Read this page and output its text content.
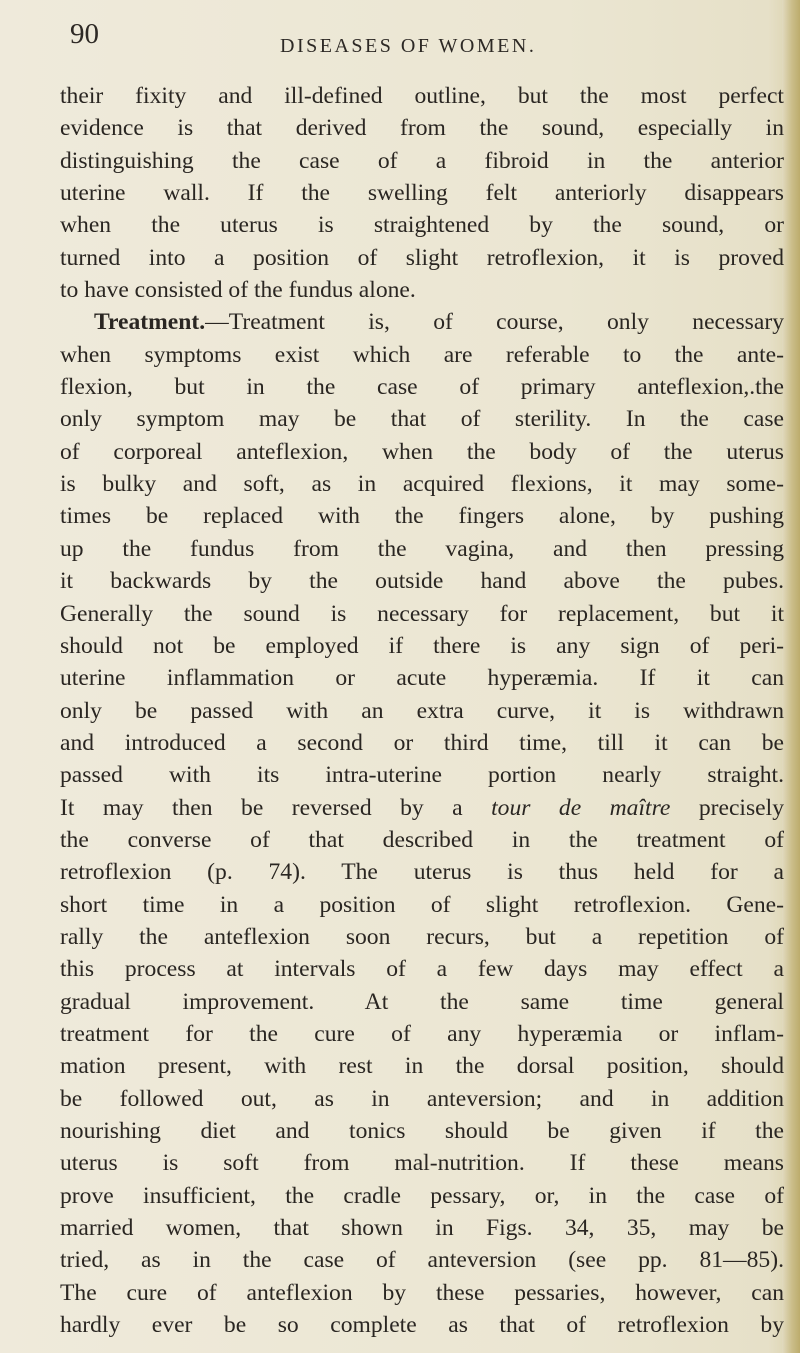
90	DISEASES OF WOMEN.
their fixity and ill-defined outline, but the most perfect
evidence is that derived from the sound, especially in
distinguishing the case of a fibroid in the anterior
uterine wall. If the swelling felt anteriorly disappears
when the uterus is straightened by the sound, or
turned into a position of slight retroflexion, it is proved
to have consisted of the fundus alone.
Treatment.—Treatment is, of course, only necessary
when symptoms exist which are referable to the ante-
flexion, but in the case of primary anteflexion,.the
only symptom may be that of sterility. In the case
of corporeal anteflexion, when the body of the uterus
is bulky and soft, as in acquired flexions, it may some-
times be replaced with the fingers alone, by pushing
up the fundus from the vagina, and then pressing
it backwards by the outside hand above the pubes.
Generally the sound is necessary for replacement, but it
should not be employed if there is any sign of peri-
uterine inflammation or acute hyperæmia. If it can
only be passed with an extra curve, it is withdrawn
and introduced a second or third time, till it can be
passed with its intra-uterine portion nearly straight.
It may then be reversed by a tour de maître precisely
the converse of that described in the treatment of
retroflexion (p. 74). The uterus is thus held for a
short time in a position of slight retroflexion. Gene-
rally the anteflexion soon recurs, but a repetition of
this process at intervals of a few days may effect a
gradual improvement. At the same time general
treatment for the cure of any hyperæmia or inflam-
mation present, with rest in the dorsal position, should
be followed out, as in anteversion; and in addition
nourishing diet and tonics should be given if the
uterus is soft from mal-nutrition. If these means
prove insufficient, the cradle pessary, or, in the case of
married women, that shown in Figs. 34, 35, may be
tried, as in the case of anteversion (see pp. 81—85).
The cure of anteflexion by these pessaries, however, can
hardly ever be so complete as that of retroflexion by
